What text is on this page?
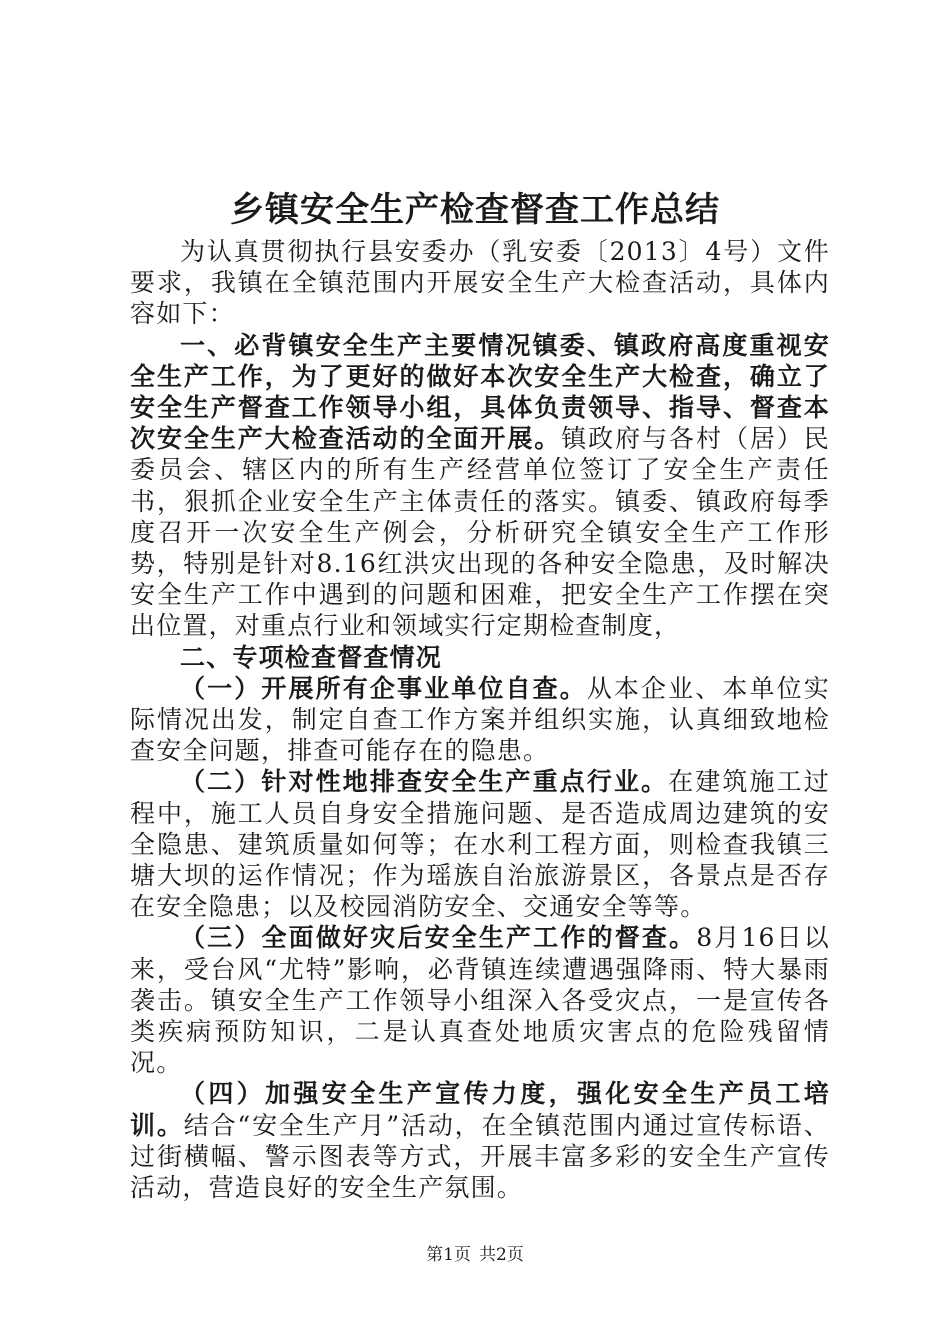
乡镇安全生产检查督查工作总结

为认真贯彻执行县安委办（乳安委〔2013〕4号）文件要求，我镇在全镇范围内开展安全生产大检查活动，具体内容如下：

一、必背镇安全生产主要情况镇委、镇政府高度重视安全生产工作，为了更好的做好本次安全生产大检查，确立了安全生产督查工作领导小组，具体负责领导、指导、督查本次安全生产大检查活动的全面开展。镇政府与各村（居）民委员会、辖区内的所有生产经营单位签订了安全生产责任书，狠抓企业安全生产主体责任的落实。镇委、镇政府每季度召开一次安全生产例会，分析研究全镇安全生产工作形势，特别是针对8.16红洪灾出现的各种安全隐患，及时解决安全生产工作中遇到的问题和困难，把安全生产工作摆在突出位置，对重点行业和领域实行定期检查制度，

二、专项检查督查情况

（一）开展所有企事业单位自查。从本企业、本单位实际情况出发，制定自查工作方案并组织实施，认真细致地检查安全问题，排查可能存在的隐患。

（二）针对性地排查安全生产重点行业。在建筑施工过程中，施工人员自身安全措施问题、是否造成周边建筑的安全隐患、建筑质量如何等；在水利工程方面，则检查我镇三塘大坝的运作情况；作为瑶族自治旅游景区，各景点是否存在安全隐患；以及校园消防安全、交通安全等等。

（三）全面做好灾后安全生产工作的督查。8月16日以来，受台风“尤特”影响，必背镇连续遭遇强降雨、特大暴雨袭击。镇安全生产工作领导小组深入各受灾点，一是宣传各类疾病预防知识，二是认真查处地质灾害点的危险残留情况。

（四）加强安全生产宣传力度，强化安全生产员工培训。结合“安全生产月”活动，在全镇范围内通过宣传标语、过街横幅、警示图表等方式，开展丰富多彩的安全生产宣传活动，营造良好的安全生产氛围。

第1页 共2页
